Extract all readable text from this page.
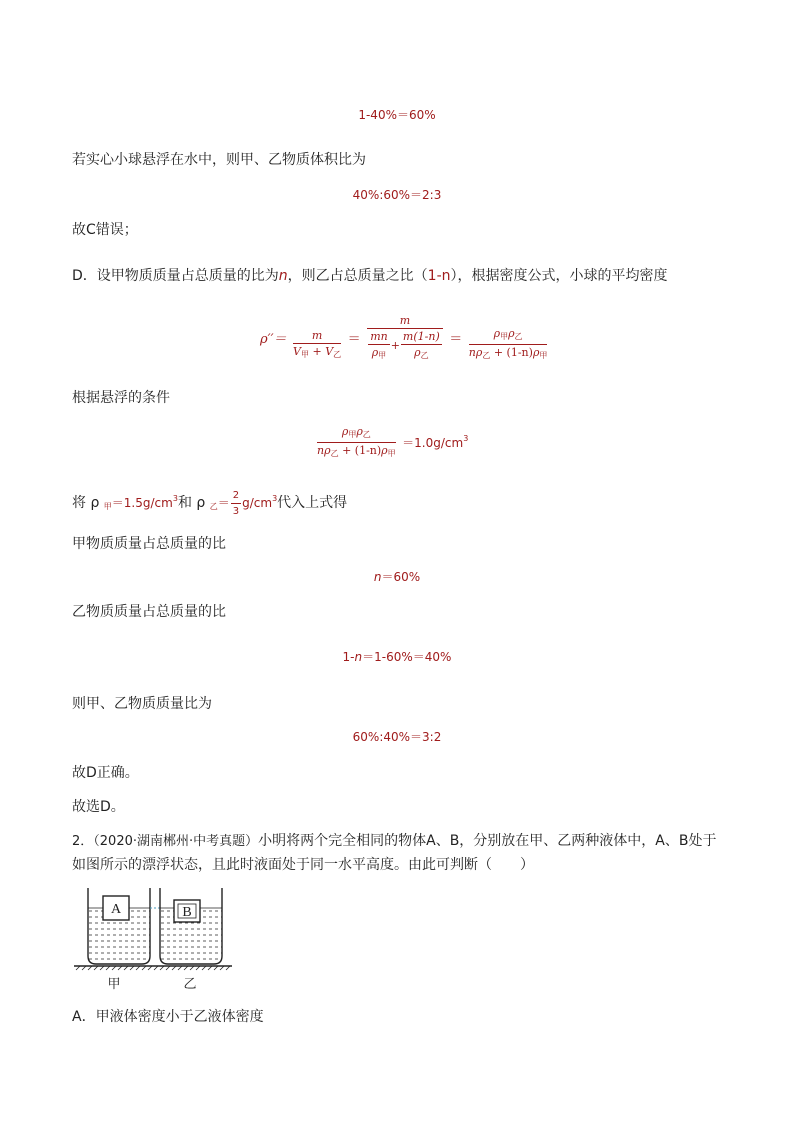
1-40%＝60%
若实心小球悬浮在水中，则甲、乙物质体积比为
40%:60%＝2:3
故C错误；
D．设甲物质质量占总质量的比为n，则乙占总质量之比（1-n），根据密度公式，小球的平均密度
$\rho''= \frac{m}{V_甲 + V_乙} = \frac{m}{\frac{mn}{\rho_甲} + \frac{m(1-n)}{\rho_乙}} = \frac{\rho_甲\rho_乙}{n\rho_乙 + (1-n)\rho_甲}$
根据悬浮的条件
$\frac{\rho_甲\rho_乙}{n\rho_乙 + (1-n)\rho_甲} =1.0g/cm^3$
将 ρ $_甲=1.5g/cm^3$和 ρ $_乙= \frac{2}{3} g/cm^3$代入上式得
甲物质质量占总质量的比
n＝60%
乙物质质量占总质量的比
1-n＝1-60%＝40%
则甲、乙物质质量比为
60%:40%＝3:2
故D正确。
故选D。
2．（2020·湖南郴州·中考真题）小明将两个完全相同的物体A、B，分别放在甲、乙两种液体中，A、B处于
如图所示的漂浮状态，且此时液面处于同一水平高度。由此可判断（　　）
A	B
甲	乙
A．甲液体密度小于乙液体密度
